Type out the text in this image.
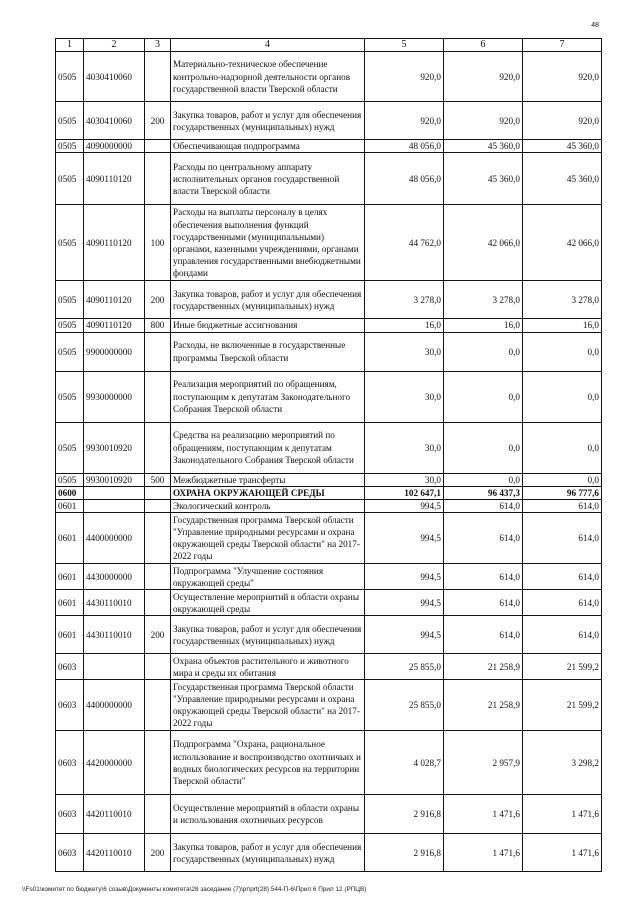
48
1	2	3	4	5	6	7
0505	4030410060		Материально-техническое обеспечение контрольно-надзорной деятельности органов государственной власти Тверской области	920,0	920,0	920,0
0505	4030410060	200	Закупка товаров, работ и услуг для обеспечения государственных (муниципальных) нужд	920,0	920,0	920,0
0505	4090000000		Обеспечивающая подпрограмма	48 056,0	45 360,0	45 360,0
0505	4090110120		Расходы по центральному аппарату исполнительных органов государственной власти Тверской области	48 056,0	45 360,0	45 360,0
0505	4090110120	100	Расходы на выплаты персоналу в целях обеспечения выполнения функций государственными (муниципальными) органами, казенными учреждениями, органами управления государственными внебюджетными фондами	44 762,0	42 066,0	42 066,0
0505	4090110120	200	Закупка товаров, работ и услуг для обеспечения государственных (муниципальных) нужд	3 278,0	3 278,0	3 278,0
0505	4090110120	800	Иные бюджетные ассигнования	16,0	16,0	16,0
0505	9900000000		Расходы, не включенные в государственные программы Тверской области	30,0	0,0	0,0
0505	9930000000		Реализация мероприятий по обращениям, поступающим к депутатам Законодательного Собрания Тверской области	30,0	0,0	0,0
0505	9930010920		Средства на реализацию мероприятий по обращениям, поступающим к депутатам Законодательного Собрания Тверской области	30,0	0,0	0,0
0505	9930010920	500	Межбюджетные трансферты	30,0	0,0	0,0
0600			ОХРАНА ОКРУЖАЮЩЕЙ СРЕДЫ	102 647,1	96 437,3	96 777,6
0601			Экологический контроль	994,5	614,0	614,0
0601	4400000000		Государственная программа Тверской области "Управление природными ресурсами и охрана окружающей среды Тверской области" на 2017-2022 годы	994,5	614,0	614,0
0601	4430000000		Подпрограмма "Улучшение состояния окружающей среды"	994,5	614,0	614,0
0601	4430110010		Осуществление мероприятий в области охраны окружающей среды	994,5	614,0	614,0
0601	4430110010	200	Закупка товаров, работ и услуг для обеспечения государственных (муниципальных) нужд	994,5	614,0	614,0
0603			Охрана объектов растительного и животного мира и среды их обитания	25 855,0	21 258,9	21 599,2
0603	4400000000		Государственная программа Тверской области "Управление природными ресурсами и охрана окружающей среды Тверской области" на 2017-2022 годы	25 855,0	21 258,9	21 599,2
0603	4420000000		Подпрограмма "Охрана, рациональное использование и воспроизводство охотничьих и водных биологических ресурсов на территории Тверской области"	4 028,7	2 957,9	3 298,2
0603	4420110010		Осуществление мероприятий в области охраны и использования охотничьих ресурсов	2 916,8	1 471,6	1 471,6
0603	4420110010	200	Закупка товаров, работ и услуг для обеспечения государственных (муниципальных) нужд	2 916,8	1 471,6	1 471,6
\\Fs01\комитет по бюджету\6 созыв\Документы комитета\28 заседание (7)\pr\prt(28) 544-П-6\Прил 6 Прил 12 (РПЦВ)
